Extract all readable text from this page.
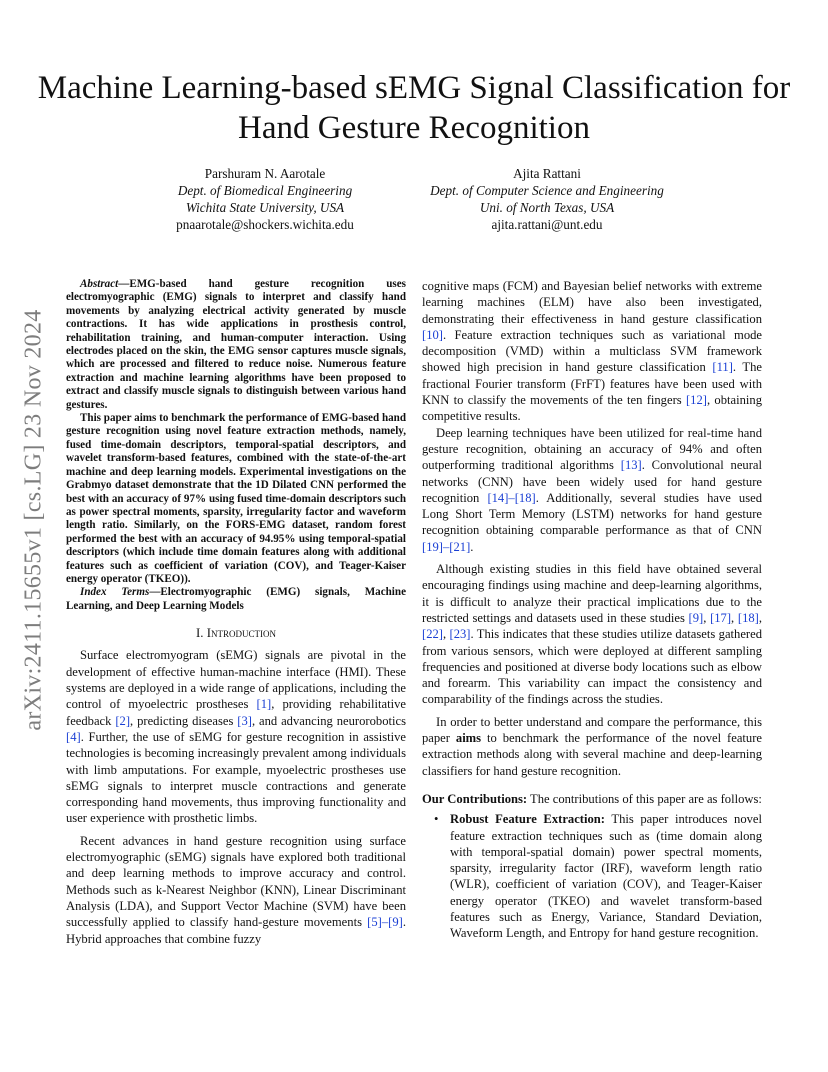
Machine Learning-based sEMG Signal Classification for Hand Gesture Recognition
Parshuram N. Aarotale
Dept. of Biomedical Engineering
Wichita State University, USA
pnaarotale@shockers.wichita.edu
Ajita Rattani
Dept. of Computer Science and Engineering
Uni. of North Texas, USA
ajita.rattani@unt.edu
arXiv:2411.15655v1 [cs.LG] 23 Nov 2024

Abstract—EMG-based hand gesture recognition uses electromyographic (EMG) signals to interpret and classify hand movements by analyzing electrical activity generated by muscle contractions. It has wide applications in prosthesis control, rehabilitation training, and human-computer interaction. Using electrodes placed on the skin, the EMG sensor captures muscle signals, which are processed and filtered to reduce noise. Numerous feature extraction and machine learning algorithms have been proposed to extract and classify muscle signals to distinguish between various hand gestures.

This paper aims to benchmark the performance of EMG-based hand gesture recognition using novel feature extraction methods, namely, fused time-domain descriptors, temporal-spatial descriptors, and wavelet transform-based features, combined with the state-of-the-art machine and deep learning models. Experimental investigations on the Grabmyo dataset demonstrate that the 1D Dilated CNN performed the best with an accuracy of 97% using fused time-domain descriptors such as power spectral moments, sparsity, irregularity factor and waveform length ratio. Similarly, on the FORS-EMG dataset, random forest performed the best with an accuracy of 94.95% using temporal-spatial descriptors (which include time domain features along with additional features such as coefficient of variation (COV), and Teager-Kaiser energy operator (TKEO)).

Index Terms—Electromyographic (EMG) signals, Machine Learning, and Deep Learning Models

I. Introduction

Surface electromyogram (sEMG) signals are pivotal in the development of effective human-machine interface (HMI). These systems are deployed in a wide range of applications, including the control of myoelectric prostheses [1], providing rehabilitative feedback [2], predicting diseases [3], and advancing neurorobotics [4]. Further, the use of sEMG for gesture recognition in assistive technologies is becoming increasingly prevalent among individuals with limb amputations. For example, myoelectric prostheses use sEMG signals to interpret muscle contractions and generate corresponding hand movements, thus improving functionality and user experience with prosthetic limbs.

Recent advances in hand gesture recognition using surface electromyographic (sEMG) signals have explored both traditional and deep learning methods to improve accuracy and control. Methods such as k-Nearest Neighbor (KNN), Linear Discriminant Analysis (LDA), and Support Vector Machine (SVM) have been successfully applied to classify hand-gesture movements [5]–[9]. Hybrid approaches that combine fuzzy

cognitive maps (FCM) and Bayesian belief networks with extreme learning machines (ELM) have also been investigated, demonstrating their effectiveness in hand gesture classification [10]. Feature extraction techniques such as variational mode decomposition (VMD) within a multiclass SVM framework showed high precision in hand gesture classification [11]. The fractional Fourier transform (FrFT) features have been used with KNN to classify the movements of the ten fingers [12], obtaining competitive results.

Deep learning techniques have been utilized for real-time hand gesture recognition, obtaining an accuracy of 94% and often outperforming traditional algorithms [13]. Convolutional neural networks (CNN) have been widely used for hand gesture recognition [14]–[18]. Additionally, several studies have used Long Short Term Memory (LSTM) networks for hand gesture recognition obtaining comparable performance as that of CNN [19]–[21].

Although existing studies in this field have obtained several encouraging findings using machine and deep-learning algorithms, it is difficult to analyze their practical implications due to the restricted settings and datasets used in these studies [9], [17], [18], [22], [23]. This indicates that these studies utilize datasets gathered from various sensors, which were deployed at different sampling frequencies and positioned at diverse body locations such as elbow and forearm. This variability can impact the consistency and comparability of the findings across the studies.

In order to better understand and compare the performance, this paper aims to benchmark the performance of the novel feature extraction methods along with several machine and deep-learning classifiers for hand gesture recognition.

Our Contributions: The contributions of this paper are as follows:

• Robust Feature Extraction: This paper introduces novel feature extraction techniques such as (time domain along with temporal-spatial domain) power spectral moments, sparsity, irregularity factor (IRF), waveform length ratio (WLR), coefficient of variation (COV), and Teager-Kaiser energy operator (TKEO) and wavelet transform-based features such as Energy, Variance, Standard Deviation, Waveform Length, and Entropy for hand gesture recognition.
